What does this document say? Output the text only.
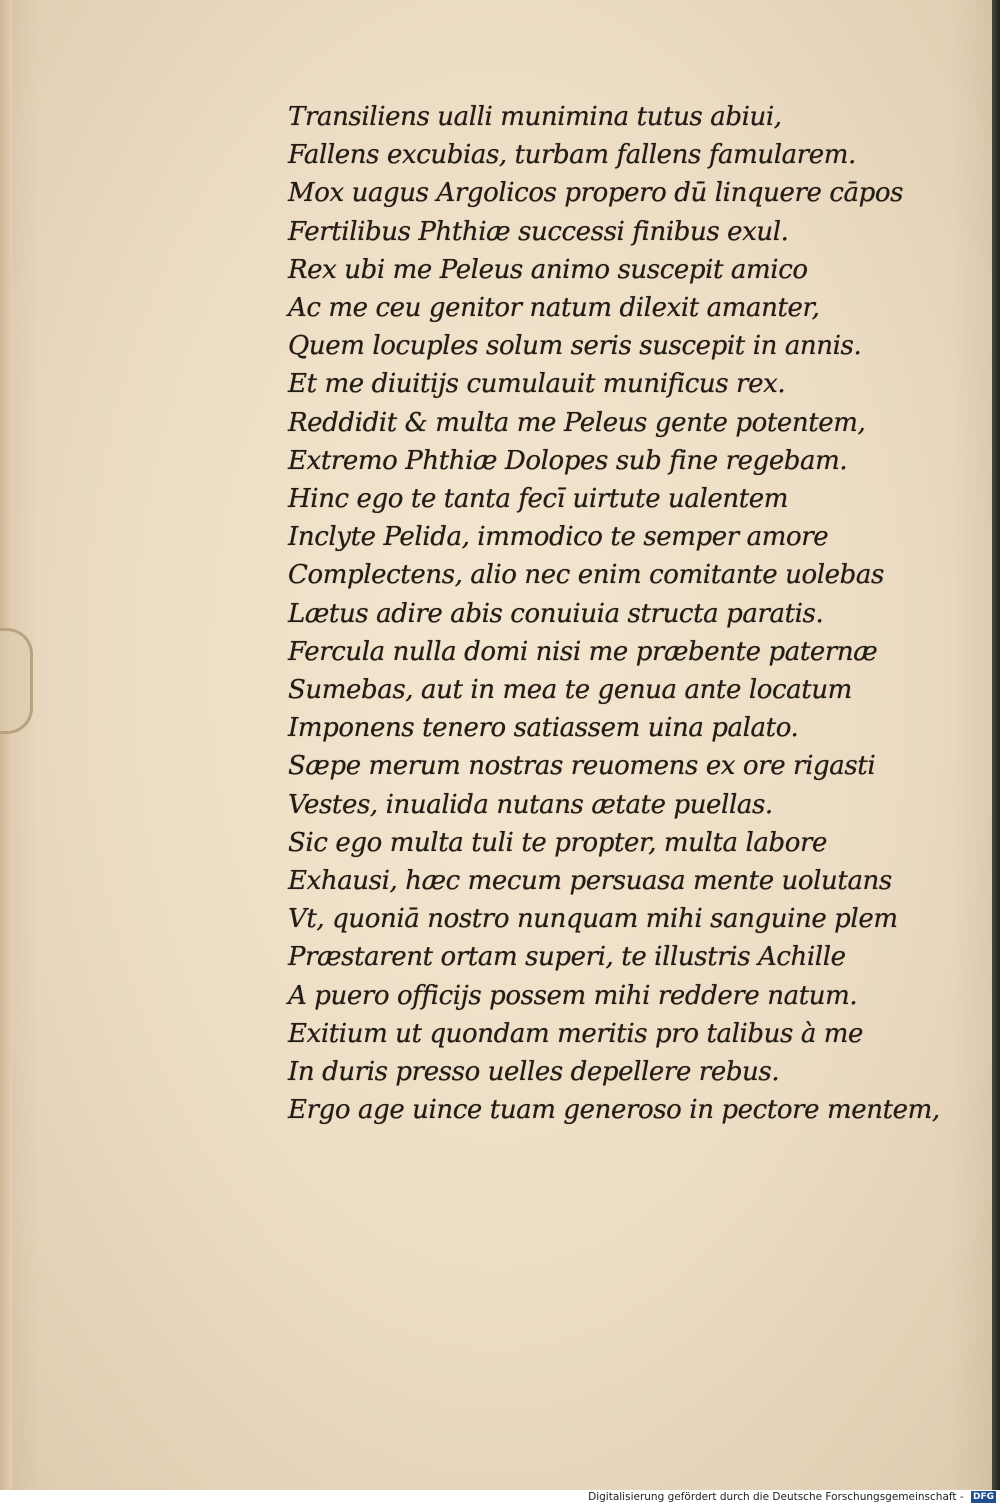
Transiliens ualli munimina tutus abiui,
Fallens excubias, turbam fallens famularem.
Mox uagus Argolicos propero dū linquere cāpos
Fertilibus Phthiæ successi finibus exul.
Rex ubi me Peleus animo suscepit amico
Ac me ceu genitor natum dilexit amanter,
Quem locuples solum seris suscepit in annis.
Et me diuitijs cumulauit munificus rex.
Reddidit & multa me Peleus gente potentem,
Extremo Phthiæ Dolopes sub fine regebam.
Hinc ego te tanta fecī uirtute ualentem
Inclyte Pelida, immodico te semper amore
Complectens, alio nec enim comitante uolebas
Lætus adire abis conuiuia structa paratis.
Fercula nulla domi nisi me præbente paternæ
Sumebas, aut in mea te genua ante locatum
Imponens tenero satiassem uina palato.
Sæpe merum nostras reuomens ex ore rigasti
Vestes, inualida nutans ætate puellas.
Sic ego multa tuli te propter, multa labore
Exhausi, hæc mecum persuasa mente uolutans
Vt, quoniā nostro nunquam mihi sanguine plem
Præstarent ortam superi, te illustris Achille
A puero officijs possem mihi reddere natum.
Exitium ut quondam meritis pro talibus à me
In duris presso uelles depellere rebus.
Ergo age uince tuam generoso in pectore mentem,
Digitalisierung gefördert durch die Deutsche Forschungsgemeinschaft - DFG
